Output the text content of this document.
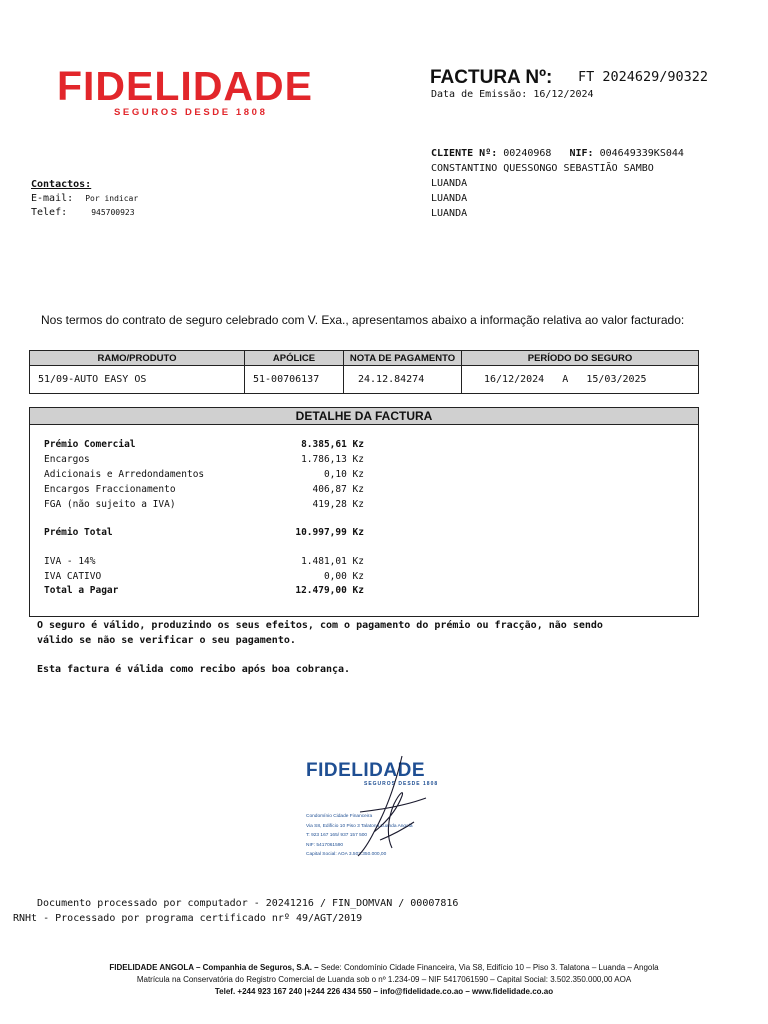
FIDELIDADE
SEGUROS DESDE 1808
FACTURA Nº: FT 2024629/90322
Data de Emissão: 16/12/2024
CLIENTE Nº: 00240968 NIF: 004649339KS044
CONSTANTINO QUESSONGO SEBASTIÃO SAMBO
LUANDA
LUANDA
LUANDA
Contactos:
E-mail: Por indicar
Telef:	945700923
Nos termos do contrato de seguro celebrado com V. Exa., apresentamos abaixo a informação relativa ao valor facturado:
RAMO/PRODUTO	APÓLICE	NOTA DE PAGAMENTO	PERÍODO DO SEGURO
51/09-AUTO EASY OS	51-00706137	24.12.84274	16/12/2024 A 15/03/2025
DETALHE DA FACTURA
Prémio Comercial	8.385,61 Kz
Encargos	1.786,13 Kz
Adicionais e Arredondamentos	0,10 Kz
Encargos Fraccionamento	406,87 Kz
FGA (não sujeito a IVA)	419,28 Kz
Prémio Total	10.997,99 Kz
IVA - 14%	1.481,01 Kz
IVA CATIVO	0,00 Kz
Total a Pagar	12.479,00 Kz
O seguro é válido, produzindo os seus efeitos, com o pagamento do prémio ou fracção, não sendo
válido se não se verificar o seu pagamento.
Esta factura é válida como recibo após boa cobrança.
FIDELIDADE
SEGUROS DESDE 1808
Condomínio Cidade Financeira
Via S8, Edifício 10 Piso 3 Talatona Luanda Angola
T: 923 167 165/ 937 157 500
NIF: 5417061590
Capital Social: AOA 3.502.350.000,00
Documento processado por computador - 20241216 / FIN_DOMVAN / 00007816
RNHt - Processado por programa certificado nrº 49/AGT/2019
FIDELIDADE ANGOLA – Companhia de Seguros, S.A. – Sede: Condomínio Cidade Financeira, Via S8, Edifício 10 – Piso 3. Talatona – Luanda – Angola
Matrícula na Conservatória do Registro Comercial de Luanda sob o nº 1.234-09 – NIF 5417061590 – Capital Social: 3.502.350.000,00 AOA
Telef. +244 923 167 240 |+244 226 434 550 – info@fidelidade.co.ao – www.fidelidade.co.ao
